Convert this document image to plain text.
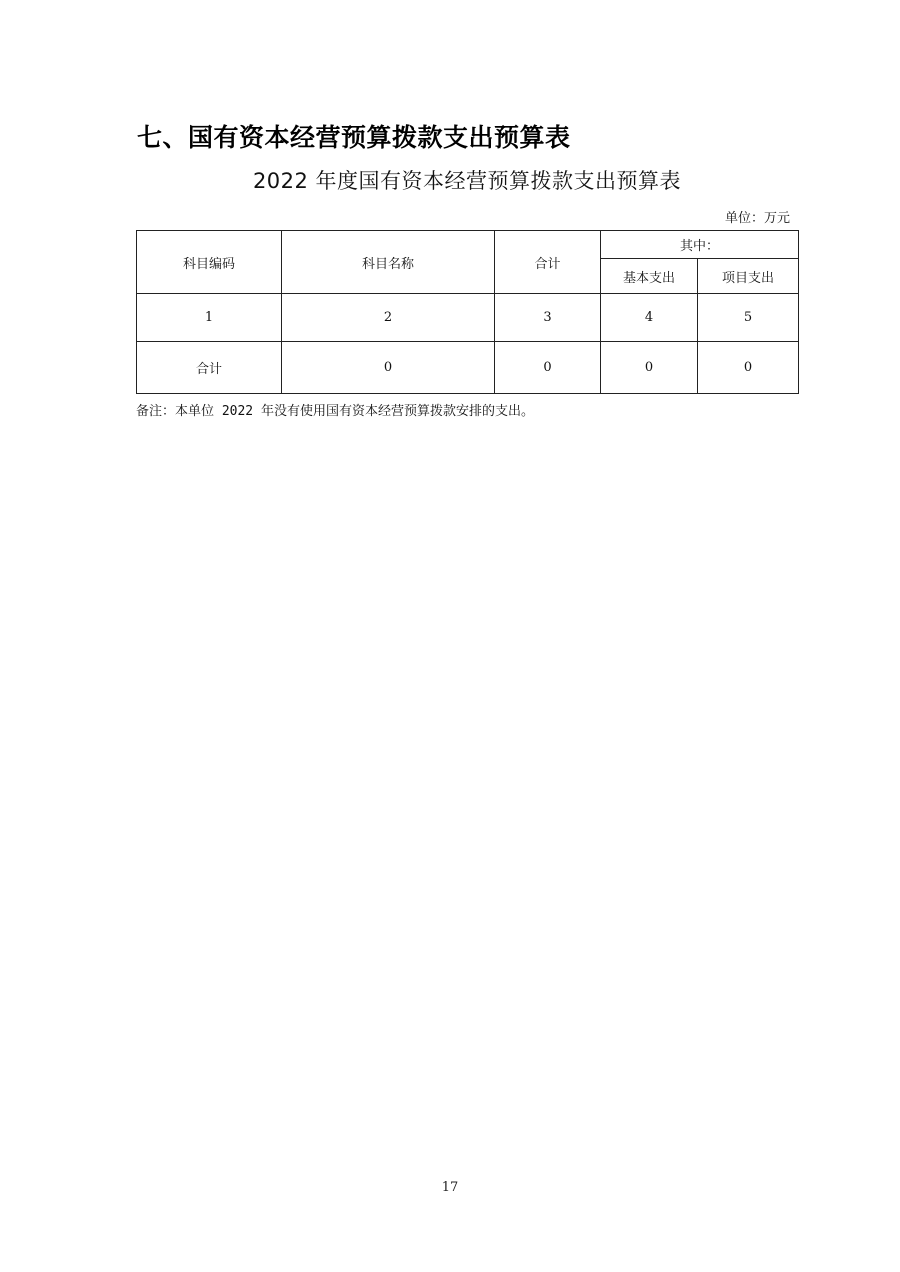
七、国有资本经营预算拨款支出预算表
2022 年度国有资本经营预算拨款支出预算表
单位：万元
科目编码	科目名称	合计	其中：	
			基本支出	项目支出
1	2	3	4	5
合计	0	0	0	0
备注：本单位 2022 年没有使用国有资本经营预算拨款安排的支出。
17
